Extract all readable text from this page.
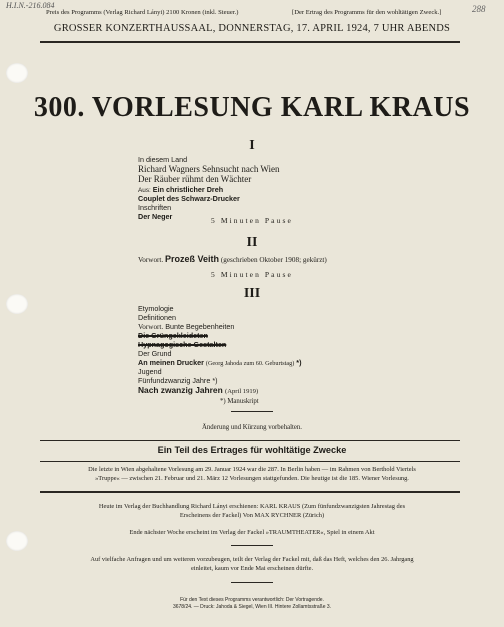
H.I.N.-216.084	288
Preis des Programms (Verlag Richard Lányi) 2100 Kronen (inkl. Steuer.)	[Der Ertrag des Programms für den wohltätigen Zweck.]
GROSSER KONZERTHAUSSAAL, DONNERSTAG, 17. APRIL 1924, 7 UHR ABENDS
300. VORLESUNG KARL KRAUS
I
In diesem Land
Richard Wagners Sehnsucht nach Wien
Der Räuber rühmt den Wächter
Aus: Ein christlicher Dreh
Couplet des Schwarz-Drucker
Inschriften
Der Neger	5 Minuten Pause
II
Vorwort. Prozeß Veith (geschrieben Oktober 1908; gekürzt)
5 Minuten Pause
III
Etymologie
Definitionen
Vorwort. Bunte Begebenheiten
Die Grüngekleideten
Hypnagogische Gestalten
Der Grund
An meinen Drucker (Georg Jahoda zum 60. Geburtstag) *)
Jugend
Fünfundzwanzig Jahre *)
Nach zwanzig Jahren (April 1919)
*) Manuskript
Änderung und Kürzung vorbehalten.
Ein Teil des Ertrages für wohltätige Zwecke
Die letzte in Wien abgehaltene Vorlesung am 29. Januar 1924 war die 287. In Berlin haben — im Rahmen von Berthold Viertels
»Truppe« — zwischen 21. Februar und 21. März 12 Vorlesungen stattgefunden. Die heutige ist die 185. Wiener Vorlesung.
Heute im Verlag der Buchhandlung Richard Lányi erschienen: KARL KRAUS (Zum fünfundzwanzigsten Jahrestag des
Erscheinens der Fackel) Von MAX RYCHNER (Zürich)
Ende nächster Woche erscheint im Verlag der Fackel »TRAUMTHEATER«, Spiel in einem Akt
Auf vielfache Anfragen und um weiteren vorzubeugen, teilt der Verlag der Fackel mit, daß das Heft, welches den 26. Jahrgang
einleitet, kaum vor Ende Mai erscheinen dürfte.
Für den Text dieses Programms verantwortlich: Der Vortragende.
3678/24. — Druck: Jahoda & Siegel, Wien III. Hintere Zollamtsstraße 3.
